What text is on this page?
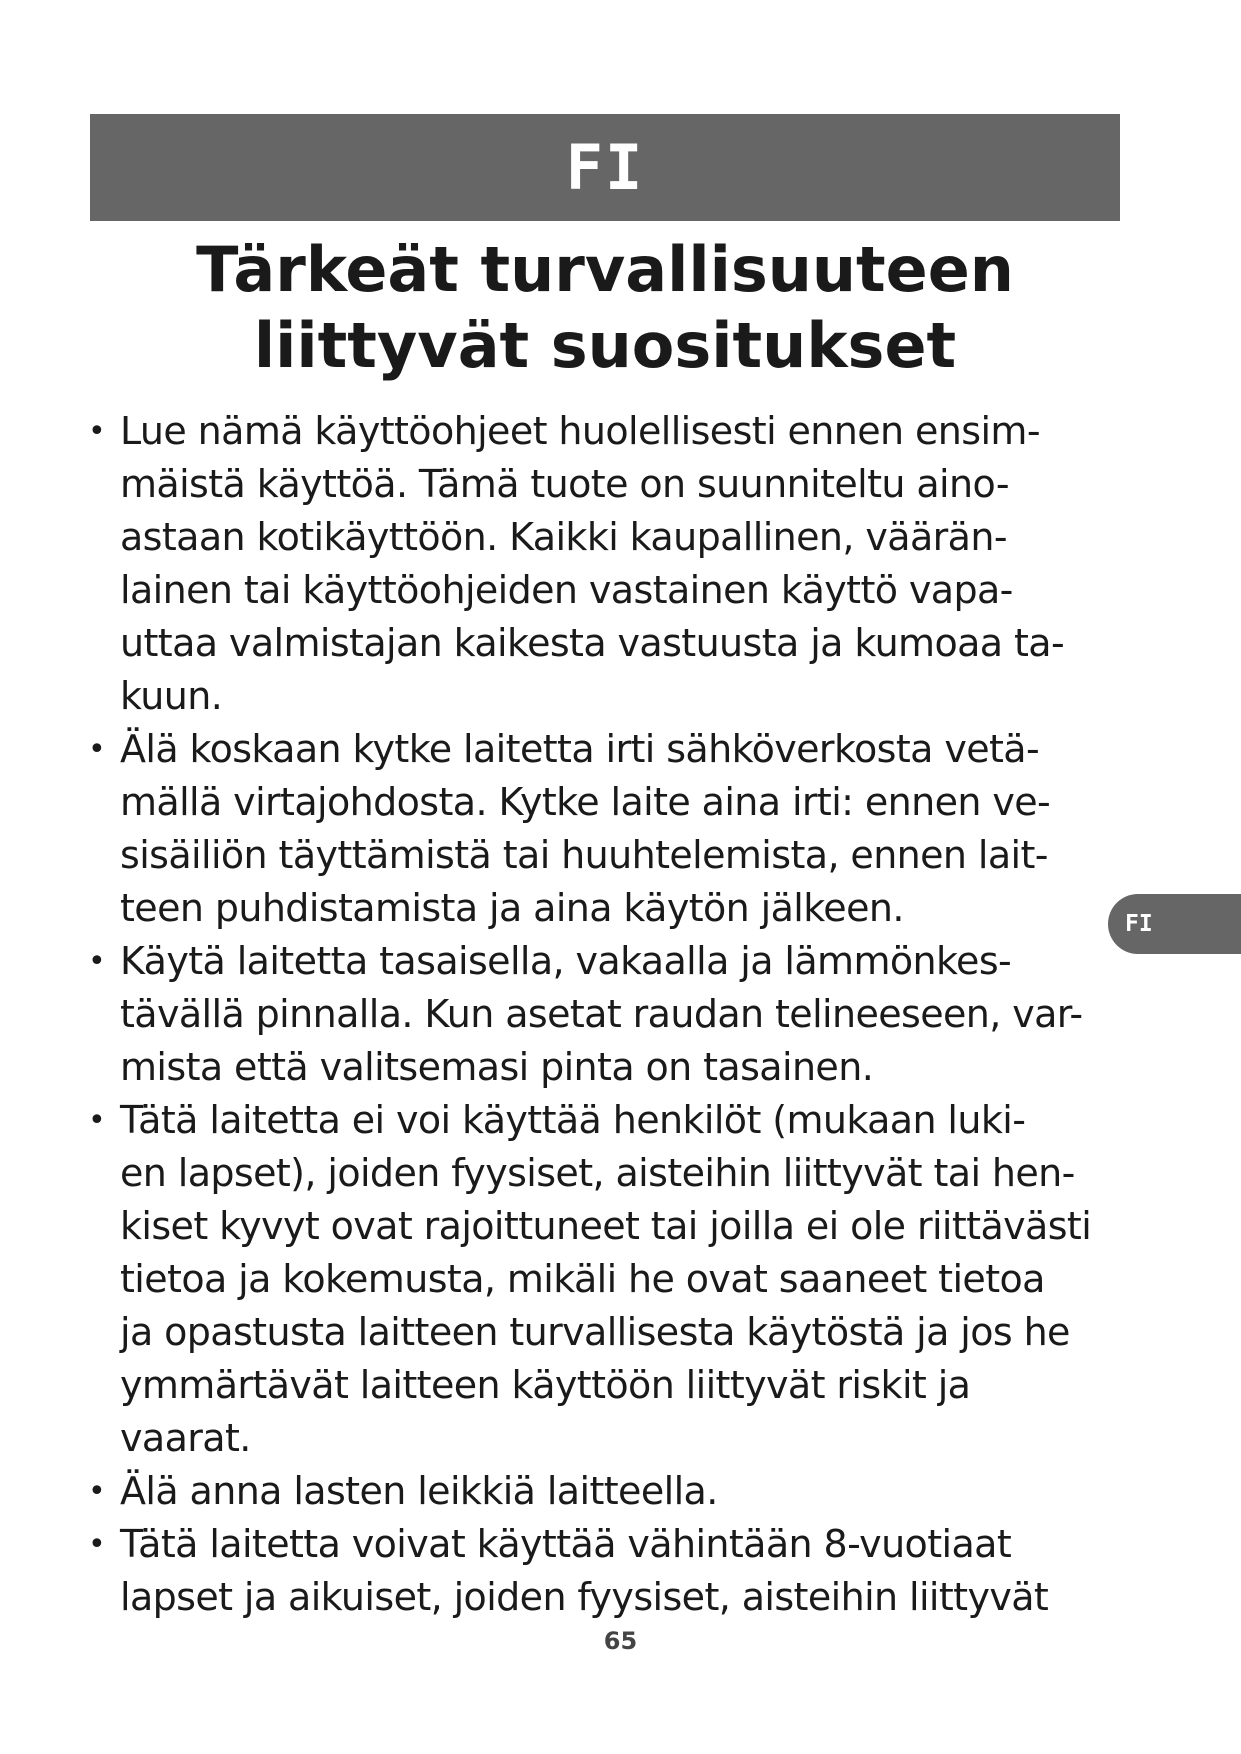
FI
Tärkeät turvallisuuteen
liittyvät suositukset
• Lue nämä käyttöohjeet huolellisesti ennen ensim-
mäistä käyttöä. Tämä tuote on suunniteltu aino-
astaan kotikäyttöön. Kaikki kaupallinen, väärän-
lainen tai käyttöohjeiden vastainen käyttö vapa-
uttaa valmistajan kaikesta vastuusta ja kumoaa ta-
kuun.
• Älä koskaan kytke laitetta irti sähköverkosta vetä-
mällä virtajohdosta. Kytke laite aina irti: ennen ve-
sisäiliön täyttämistä tai huuhtelemista, ennen lait-
teen puhdistamista ja aina käytön jälkeen.
• Käytä laitetta tasaisella, vakaalla ja lämmönkes-
tävällä pinnalla. Kun asetat raudan telineeseen, var-
mista että valitsemasi pinta on tasainen.
• Tätä laitetta ei voi käyttää henkilöt (mukaan luki-
en lapset), joiden fyysiset, aisteihin liittyvät tai hen-
kiset kyvyt ovat rajoittuneet tai joilla ei ole riittävästi
tietoa ja kokemusta, mikäli he ovat saaneet tietoa
ja opastusta laitteen turvallisesta käytöstä ja jos he
ymmärtävät laitteen käyttöön liittyvät riskit ja
vaarat.
• Älä anna lasten leikkiä laitteella.
• Tätä laitetta voivat käyttää vähintään 8-vuotiaat
lapset ja aikuiset, joiden fyysiset, aisteihin liittyvät
FI
65
